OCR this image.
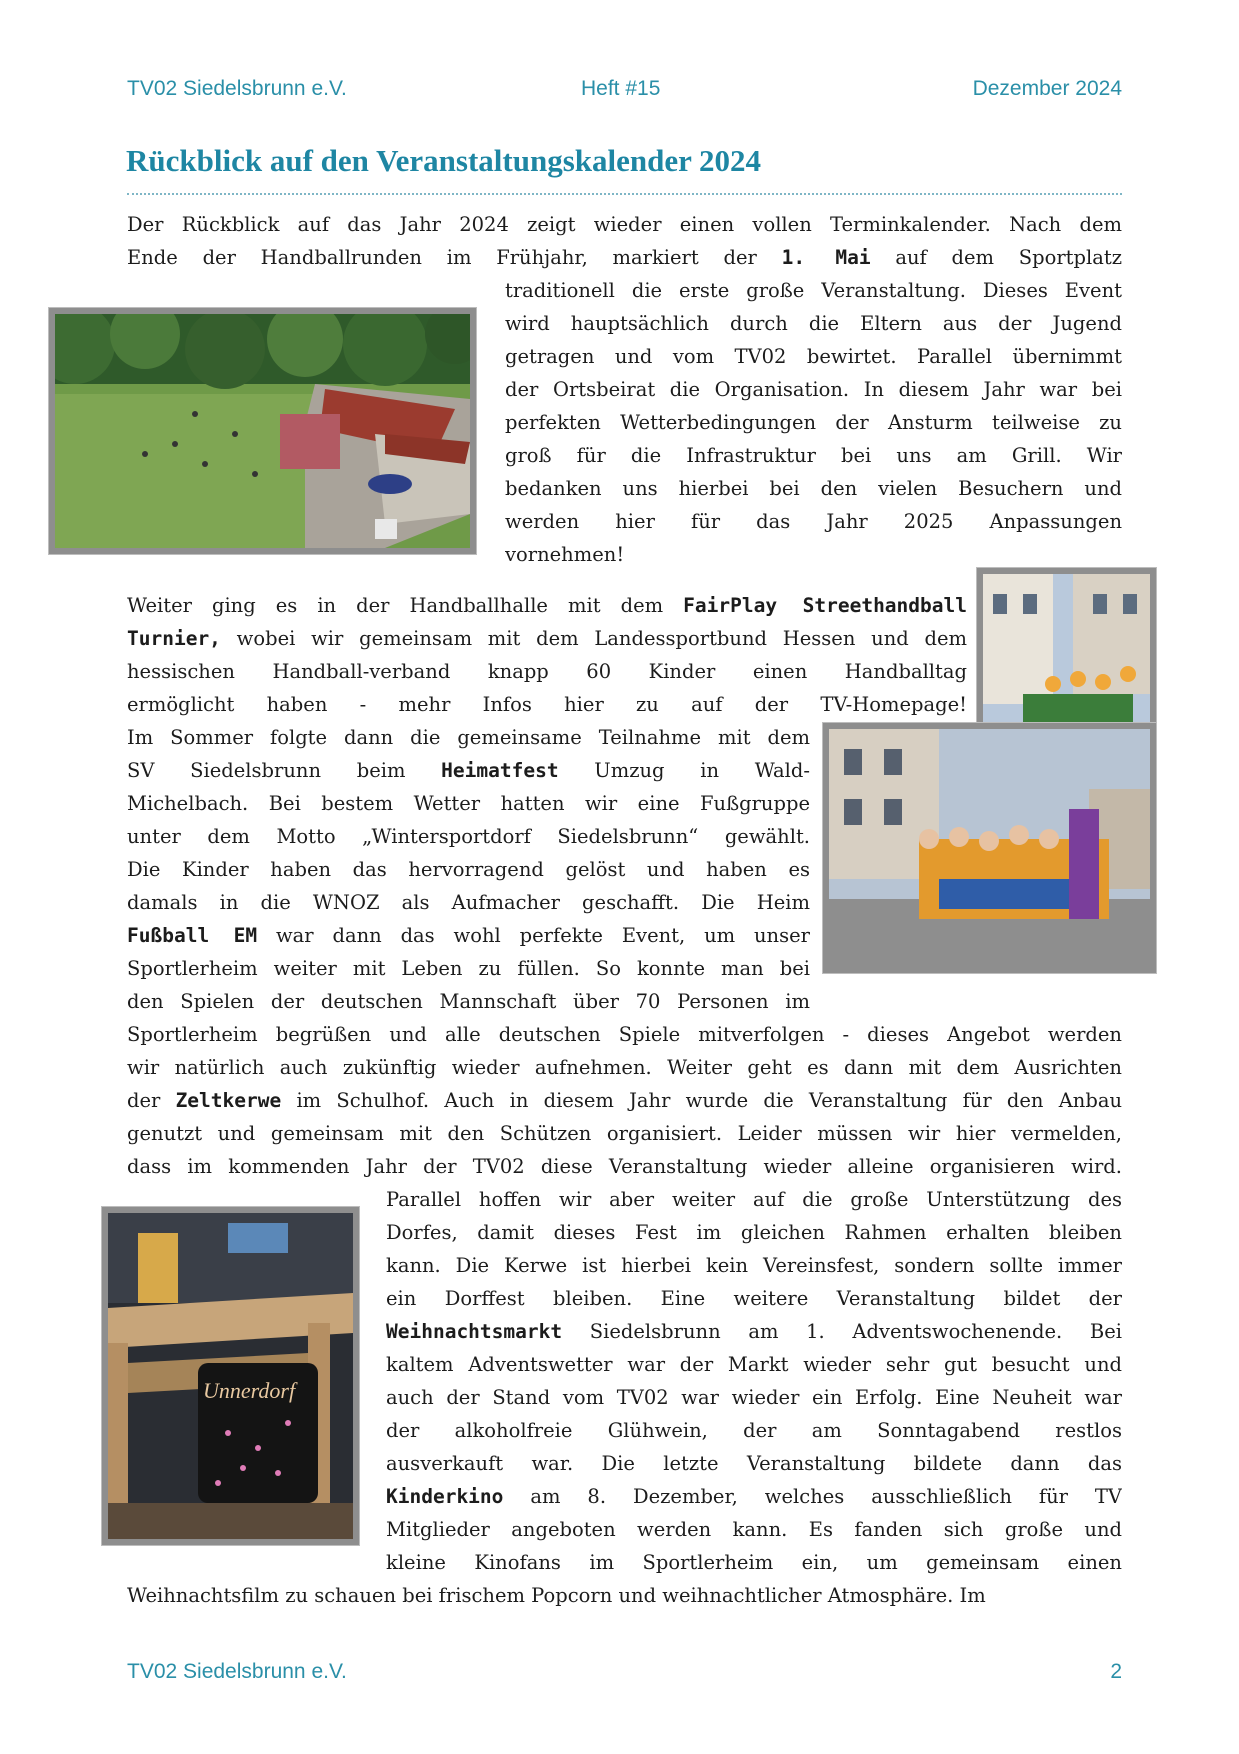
TV02 Siedelsbrunn e.V.	Heft #15	Dezember 2024
Rückblick auf den Veranstaltungskalender 2024
Der Rückblick auf das Jahr 2024 zeigt wieder einen vollen Terminkalender. Nach dem
Ende der Handballrunden im Frühjahr, markiert der 1. Mai auf dem Sportplatz
traditionell die erste große Veranstaltung. Dieses Event
wird hauptsächlich durch die Eltern aus der Jugend
getragen und vom TV02 bewirtet. Parallel übernimmt
der Ortsbeirat die Organisation. In diesem Jahr war bei
perfekten Wetterbedingungen der Ansturm teilweise zu
groß für die Infrastruktur bei uns am Grill. Wir
bedanken uns hierbei bei den vielen Besuchern und
werden hier für das Jahr 2025 Anpassungen
vornehmen!
Weiter ging es in der Handballhalle mit dem FairPlay Streethandball
Turnier, wobei wir gemeinsam mit dem Landessportbund Hessen und dem
hessischen Handball-verband knapp 60 Kinder einen Handballtag
ermöglicht haben - mehr Infos hier zu auf der TV-Homepage!
Im Sommer folgte dann die gemeinsame Teilnahme mit dem
SV Siedelsbrunn beim Heimatfest Umzug in Wald-
Michelbach. Bei bestem Wetter hatten wir eine Fußgruppe
unter dem Motto „Wintersportdorf Siedelsbrunn“ gewählt.
Die Kinder haben das hervorragend gelöst und haben es
damals in die WNOZ als Aufmacher geschafft. Die Heim
Fußball EM war dann das wohl perfekte Event, um unser
Sportlerheim weiter mit Leben zu füllen. So konnte man bei
den Spielen der deutschen Mannschaft über 70 Personen im
Sportlerheim begrüßen und alle deutschen Spiele mitverfolgen - dieses Angebot werden
wir natürlich auch zukünftig wieder aufnehmen. Weiter geht es dann mit dem Ausrichten
der Zeltkerwe im Schulhof. Auch in diesem Jahr wurde die Veranstaltung für den Anbau
genutzt und gemeinsam mit den Schützen organisiert. Leider müssen wir hier vermelden,
dass im kommenden Jahr der TV02 diese Veranstaltung wieder alleine organisieren wird.
Parallel hoffen wir aber weiter auf die große Unterstützung des
Dorfes, damit dieses Fest im gleichen Rahmen erhalten bleiben
kann. Die Kerwe ist hierbei kein Vereinsfest, sondern sollte immer
ein Dorffest bleiben. Eine weitere Veranstaltung bildet der
Weihnachtsmarkt Siedelsbrunn am 1. Adventswochenende. Bei
kaltem Adventswetter war der Markt wieder sehr gut besucht und
auch der Stand vom TV02 war wieder ein Erfolg. Eine Neuheit war
der alkoholfreie Glühwein, der am Sonntagabend restlos
ausverkauft war. Die letzte Veranstaltung bildete dann das
Kinderkino am 8. Dezember, welches ausschließlich für TV
Mitglieder angeboten werden kann. Es fanden sich große und
kleine Kinofans im Sportlerheim ein, um gemeinsam einen
Weihnachtsfilm zu schauen bei frischem Popcorn und weihnachtlicher Atmosphäre. Im
Unnerdorf
TV02 Siedelsbrunn e.V.	2
